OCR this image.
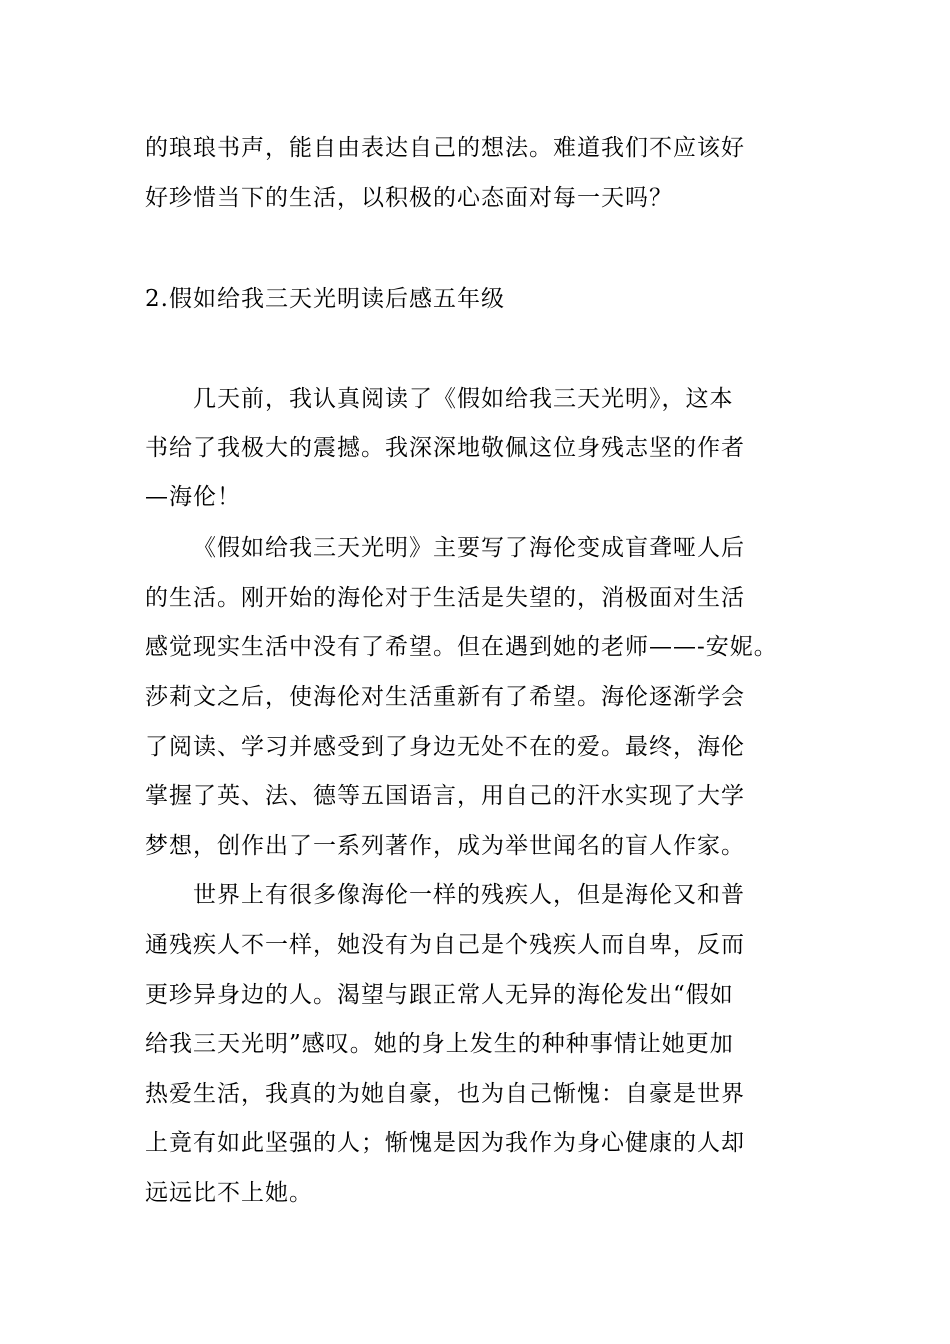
的琅琅书声，能自由表达自己的想法。难道我们不应该好
好珍惜当下的生活，以积极的心态面对每一天吗？
2.假如给我三天光明读后感五年级
几天前，我认真阅读了《假如给我三天光明》，这本
书给了我极大的震撼。我深深地敬佩这位身残志坚的作者
—海伦！
《假如给我三天光明》主要写了海伦变成盲聋哑人后
的生活。刚开始的海伦对于生活是失望的，消极面对生活
感觉现实生活中没有了希望。但在遇到她的老师——-安妮。
莎莉文之后，使海伦对生活重新有了希望。海伦逐渐学会
了阅读、学习并感受到了身边无处不在的爱。最终，海伦
掌握了英、法、德等五国语言，用自己的汗水实现了大学
梦想，创作出了一系列著作，成为举世闻名的盲人作家。
世界上有很多像海伦一样的残疾人，但是海伦又和普
通残疾人不一样，她没有为自己是个残疾人而自卑，反而
更珍异身边的人。渴望与跟正常人无异的海伦发出“假如
给我三天光明”感叹。她的身上发生的种种事情让她更加
热爱生活，我真的为她自豪，也为自己惭愧：自豪是世界
上竟有如此坚强的人；惭愧是因为我作为身心健康的人却
远远比不上她。
